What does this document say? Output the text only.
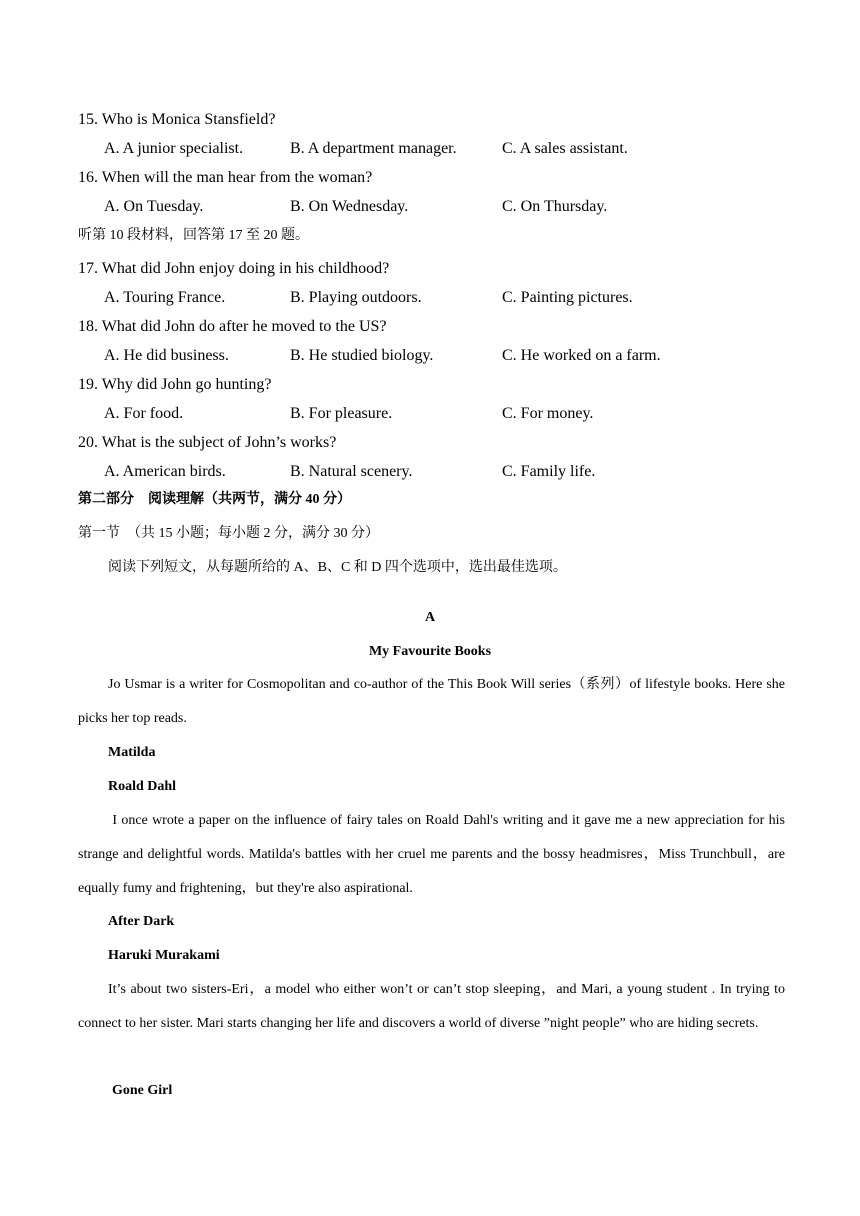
15. Who is Monica Stansfield?
A. A junior specialist.	B. A department manager.	C. A sales assistant.
16. When will the man hear from the woman?
A. On Tuesday.	B. On Wednesday.	C. On Thursday.
听第 10 段材料，回答第 17 至 20 题。
17. What did John enjoy doing in his childhood?
A. Touring France.	B. Playing outdoors.	C. Painting pictures.
18. What did John do after he moved to the US?
A. He did business.	B. He studied biology.	C. He worked on a farm.
19. Why did John go hunting?
A. For food.	B. For pleasure.	C. For money.
20. What is the subject of John’s works?
A. American birds.	B. Natural scenery.	C. Family life.
第二部分　阅读理解（共两节，满分 40 分）
第一节　（共 15 小题；每小题 2 分，满分 30 分）
阅读下列短文，从每题所给的 A、B、C 和 D 四个选项中，选出最佳选项。
A
My Favourite Books
Jo Usmar is a writer for Cosmopolitan and co-author of the This Book Will series（系列）of lifestyle books. Here she picks her top reads.
Matilda
Roald Dahl
I once wrote a paper on the influence of fairy tales on Roald Dahl's writing and it gave me a new appreciation for his strange and delightful words. Matilda's battles with her cruel me parents and the bossy headmisres，Miss Trunchbull，are equally fumy and frightening，but they're also aspirational.
After Dark
Haruki Murakami
It’s about two sisters-Eri，a model who either won’t or can’t stop sleeping，and Mari, a young student . In trying to connect to her sister. Mari starts changing her life and discovers a world of diverse ”night people” who are hiding secrets.
Gone Girl
